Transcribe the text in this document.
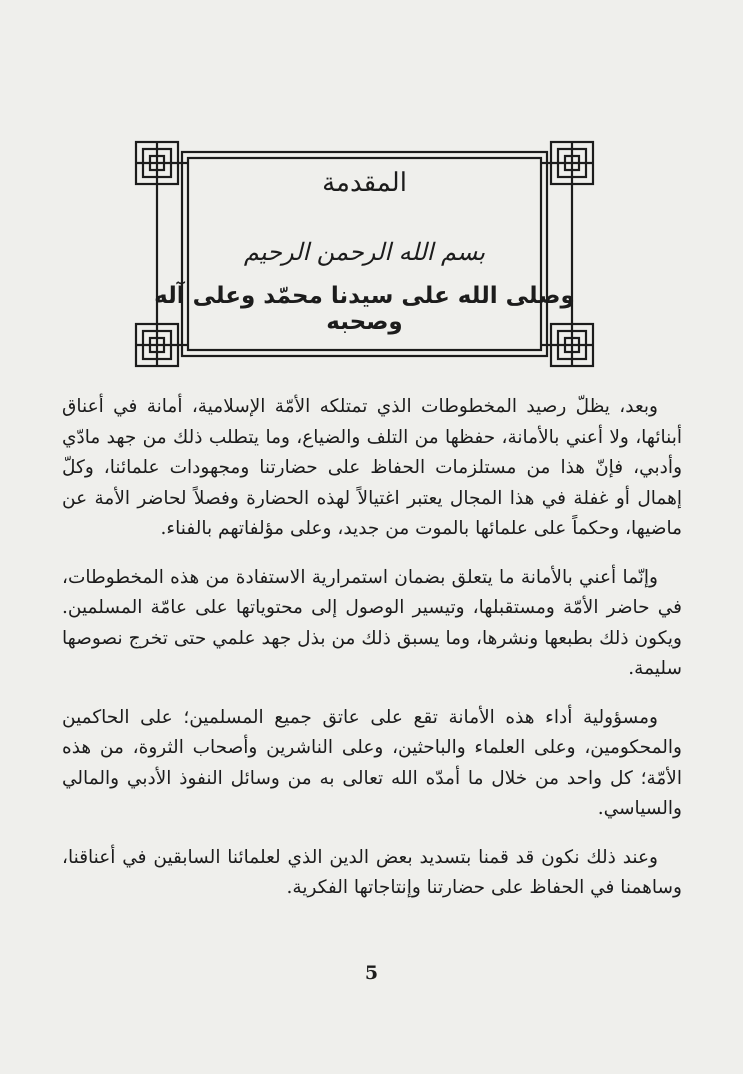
المقدمة
بسم الله الرحمن الرحيم
وصلى الله على سيدنا محمّد وعلى آله وصحبه

وبعد، يظلّ رصيد المخطوطات الذي تمتلكه الأمّة الإسلامية، أمانة في أعناق أبنائها، ولا أعني بالأمانة، حفظها من التلف والضياع، وما يتطلب ذلك من جهد مادّي وأدبي، فإنّ هذا من مستلزمات الحفاظ على حضارتنا ومجهودات علمائنا، وكلّ إهمال أو غفلة في هذا المجال يعتبر اغتيالاً لهذه الحضارة وفصلاً لحاضر الأمة عن ماضيها، وحكماً على علمائها بالموت من جديد، وعلى مؤلفاتهم بالفناء.

وإنّما أعني بالأمانة ما يتعلق بضمان استمرارية الاستفادة من هذه المخطوطات، في حاضر الأمّة ومستقبلها، وتيسير الوصول إلى محتوياتها على عامّة المسلمين. ويكون ذلك بطبعها ونشرها، وما يسبق ذلك من بذل جهد علمي حتى تخرج نصوصها سليمة.

ومسؤولية أداء هذه الأمانة تقع على عاتق جميع المسلمين؛ على الحاكمين والمحكومين، وعلى العلماء والباحثين، وعلى الناشرين وأصحاب الثروة، من هذه الأمّة؛ كل واحد من خلال ما أمدّه الله تعالى به من وسائل النفوذ الأدبي والمالي والسياسي.

وعند ذلك نكون قد قمنا بتسديد بعض الدين الذي لعلمائنا السابقين في أعناقنا، وساهمنا في الحفاظ على حضارتنا وإنتاجاتها الفكرية.

5
